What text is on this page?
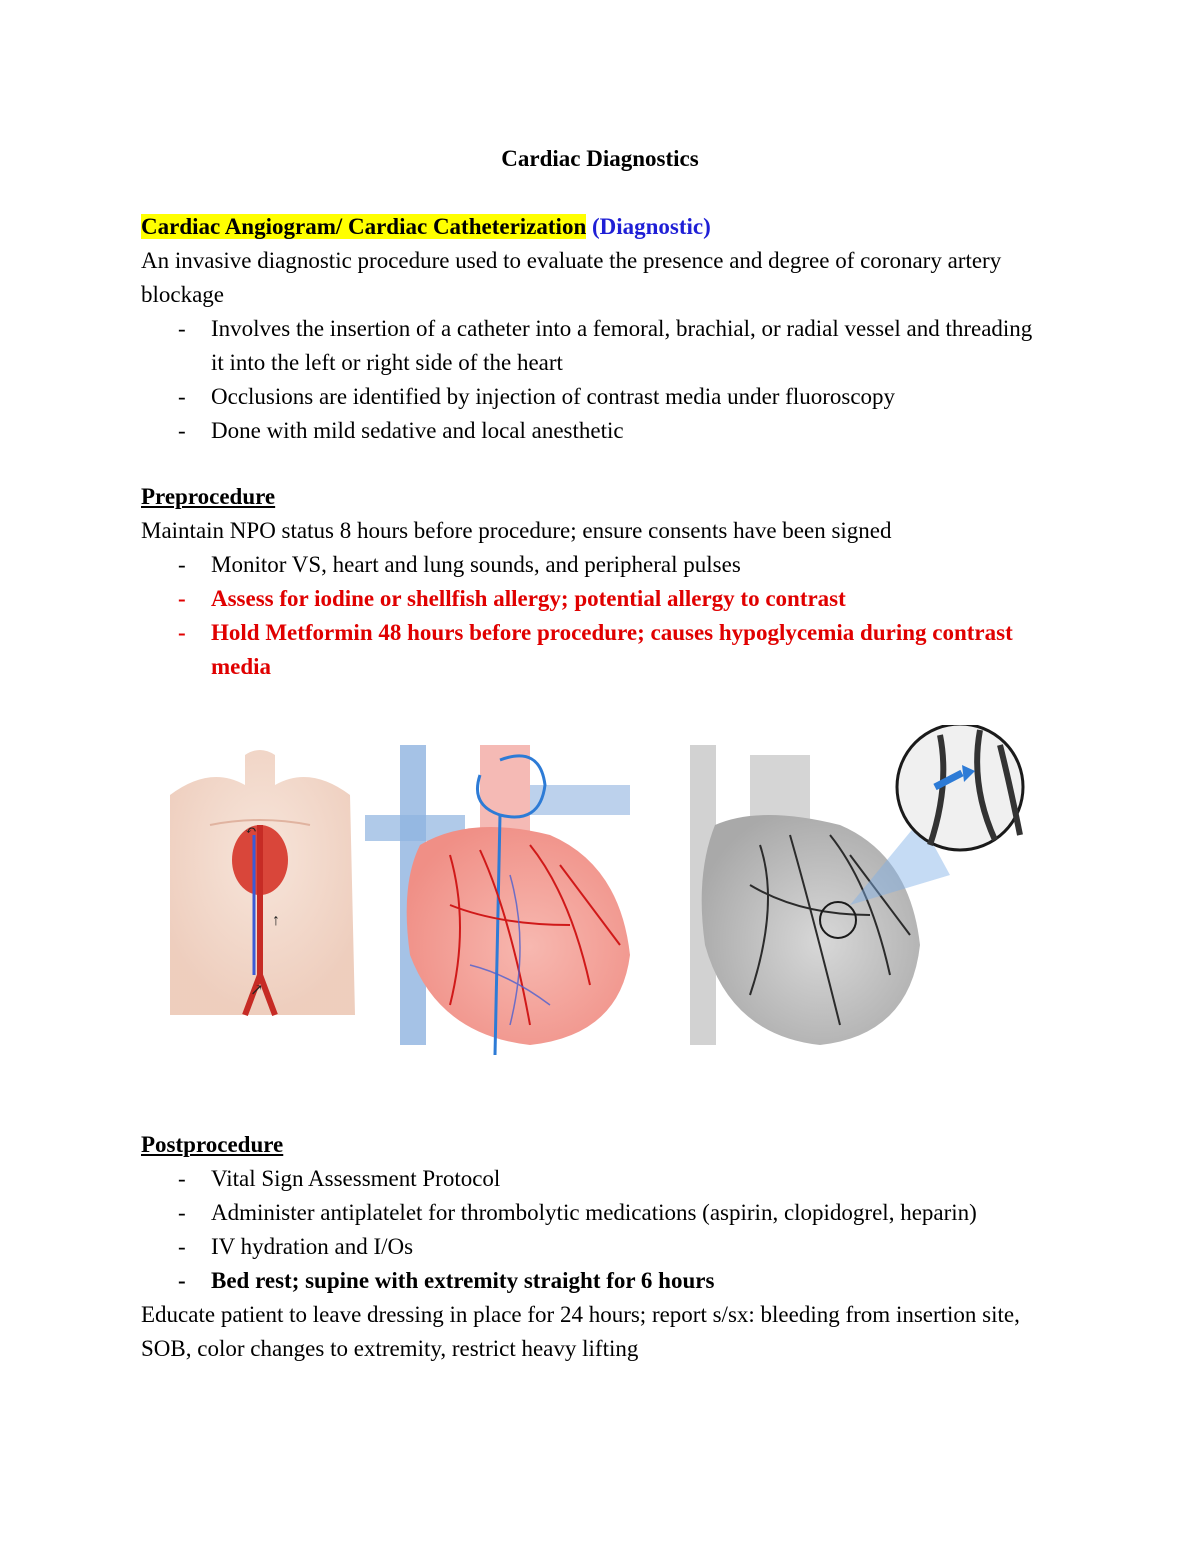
Cardiac Diagnostics

Cardiac Angiogram/ Cardiac Catheterization (Diagnostic)

An invasive diagnostic procedure used to evaluate the presence and degree of coronary artery blockage

- Involves the insertion of a catheter into a femoral, brachial, or radial vessel and threading it into the left or right side of the heart
- Occlusions are identified by injection of contrast media under fluoroscopy
- Done with mild sedative and local anesthetic

Preprocedure

Maintain NPO status 8 hours before procedure; ensure consents have been signed

- Monitor VS, heart and lung sounds, and peripheral pulses
- Assess for iodine or shellfish allergy; potential allergy to contrast
- Hold Metformin 48 hours before procedure; causes hypoglycemia during contrast media
↑
↗
↶

Postprocedure

- Vital Sign Assessment Protocol
- Administer antiplatelet for thrombolytic medications (aspirin, clopidogrel, heparin)
- IV hydration and I/Os
- Bed rest; supine with extremity straight for 6 hours

Educate patient to leave dressing in place for 24 hours; report s/sx: bleeding from insertion site, SOB, color changes to extremity, restrict heavy lifting
